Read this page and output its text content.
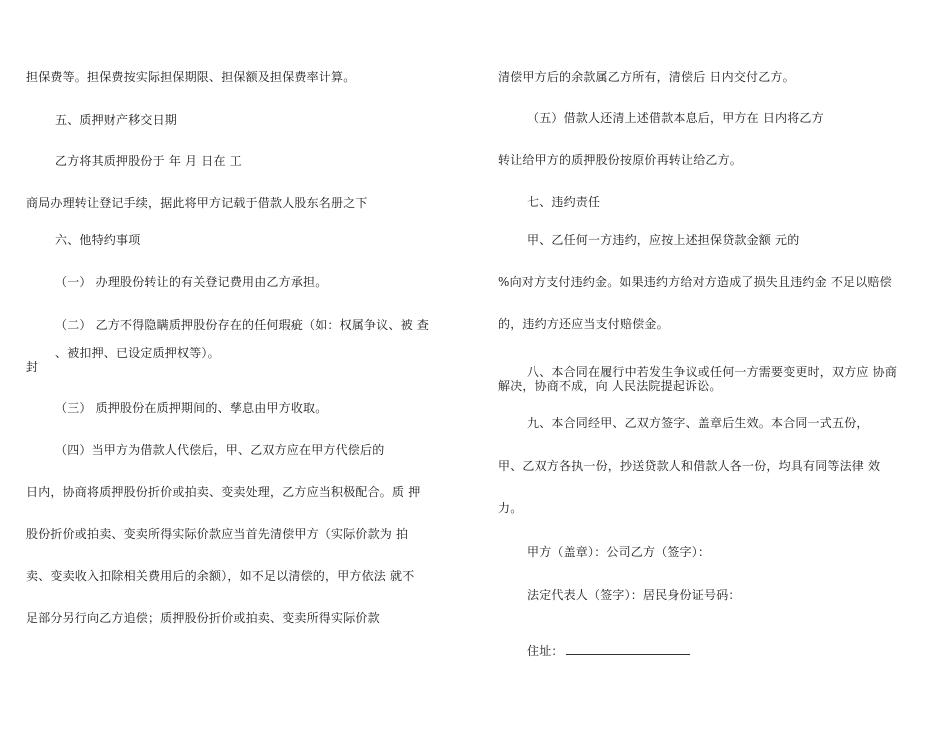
担保费等。担保费按实际担保期限、担保额及担保费率计算。
五、质押财产移交日期
乙方将其质押股份于 年 月 日在 工
商局办理转让登记手续，据此将甲方记载于借款人股东名册之下
六、他特约事项
（一） 办理股份转让的有关登记费用由乙方承担。
（二） 乙方不得隐瞒质押股份存在的任何瑕疵（如：权属争议、被 查
、被扣押、已设定质押权等）。
封
（三） 质押股份在质押期间的、孳息由甲方收取。
（四）当甲方为借款人代偿后，甲、乙双方应在甲方代偿后的
日内，协商将质押股份折价或拍卖、变卖处理，乙方应当积极配合。质 押
股份折价或拍卖、变卖所得实际价款应当首先清偿甲方（实际价款为 拍
卖、变卖收入扣除相关费用后的余额），如不足以清偿的，甲方依法 就不
足部分另行向乙方追偿；质押股份折价或拍卖、变卖所得实际价款
清偿甲方后的余款属乙方所有，清偿后 日内交付乙方。
（五）借款人还清上述借款本息后，甲方在 日内将乙方
转让给甲方的质押股份按原价再转让给乙方。
七、违约责任
甲、乙任何一方违约，应按上述担保贷款金额 元的
%向对方支付违约金。如果违约方给对方造成了损失且违约金 不足以赔偿
的，违约方还应当支付赔偿金。
八、本合同在履行中若发生争议或任何一方需要变更时，双方应 协商
解决，协商不成，向 人民法院提起诉讼。
九、本合同经甲、乙双方签字、盖章后生效。本合同一式五份，
甲、乙双方各执一份，抄送贷款人和借款人各一份，均具有同等法律 效
力。
甲方（盖章）：公司乙方（签字）：
法定代表人（签字）：居民身份证号码：
住址：
